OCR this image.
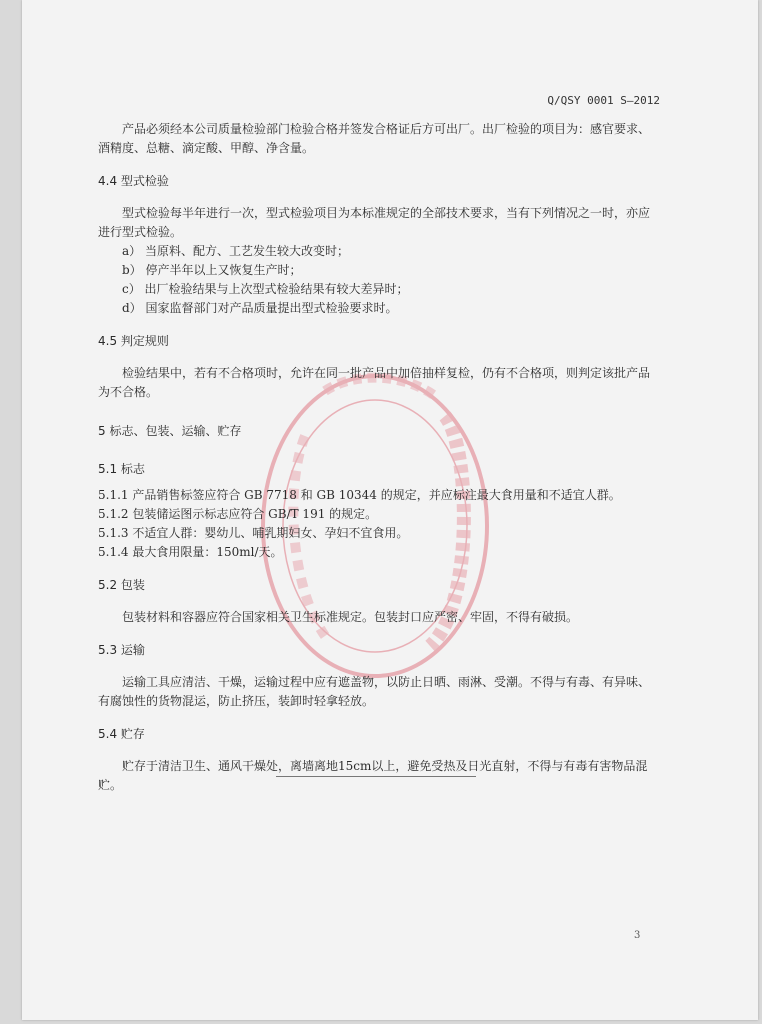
Q/QSY 0001 S—2012

产品必须经本公司质量检验部门检验合格并签发合格证后方可出厂。出厂检验的项目为：感官要求、酒精度、总糖、滴定酸、甲醇、净含量。

4.4 型式检验

型式检验每半年进行一次，型式检验项目为本标准规定的全部技术要求，当有下列情况之一时，亦应进行型式检验。

a） 当原料、配方、工艺发生较大改变时；

b） 停产半年以上又恢复生产时；

c） 出厂检验结果与上次型式检验结果有较大差异时；

d） 国家监督部门对产品质量提出型式检验要求时。

4.5 判定规则

检验结果中，若有不合格项时，允许在同一批产品中加倍抽样复检，仍有不合格项，则判定该批产品为不合格。

5 标志、包装、运输、贮存

5.1 标志

5.1.1 产品销售标签应符合 GB 7718 和 GB 10344 的规定，并应标注最大食用量和不适宜人群。

5.1.2 包装储运图示标志应符合 GB/T 191 的规定。

5.1.3 不适宜人群：婴幼儿、哺乳期妇女、孕妇不宜食用。

5.1.4 最大食用限量：150ml/天。

5.2 包装

包装材料和容器应符合国家相关卫生标准规定。包装封口应严密、牢固，不得有破损。

5.3 运输

运输工具应清洁、干燥，运输过程中应有遮盖物，以防止日晒、雨淋、受潮。不得与有毒、有异味、有腐蚀性的货物混运，防止挤压，装卸时轻拿轻放。

5.4 贮存

贮存于清洁卫生、通风干燥处，离墙离地15cm以上，避免受热及日光直射，不得与有毒有害物品混贮。

3
